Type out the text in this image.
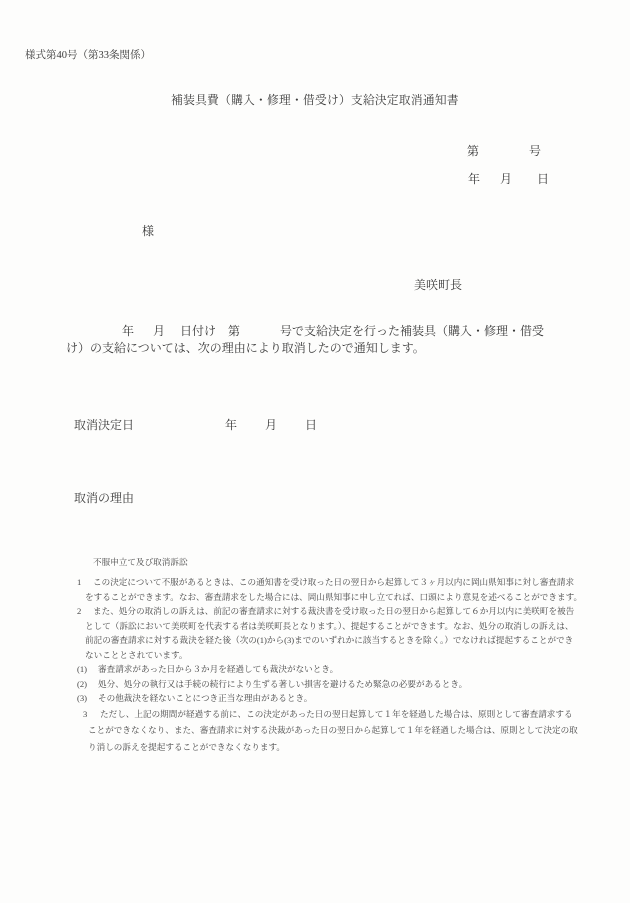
様式第40号（第33条関係）
補装具費（購入・修理・借受け）支給決定取消通知書
第	号
年 月 日
様
美咲町長
年 月 日付け 第	号で支給決定を行った補装具（購入・修理・借受
け）の支給については、次の理由により取消したので通知します。
取消決定日	年 月 日
取消の理由
不服申立て及び取消訴訟
1	この決定について不服があるときは、この通知書を受け取った日の翌日から起算して３ヶ月以内に岡山県知事に対し審査請求
をすることができます。なお、審査請求をした場合には、岡山県知事に申し立てれば、口頭により意見を述べることができます。
2	また、処分の取消しの訴えは、前記の審査請求に対する裁決書を受け取った日の翌日から起算して６か月以内に美咲町を被告
として（訴訟において美咲町を代表する者は美咲町長となります。）、提起することができます。なお、処分の取消しの訴えは、
前記の審査請求に対する裁決を経た後（次の(1)から(3)までのいずれかに該当するときを除く。）でなければ提起することができ
ないこととされています。
(1)	審査請求があった日から３か月を経過しても裁決がないとき。
(2)	処分、処分の執行又は手続の続行により生ずる著しい損害を避けるため緊急の必要があるとき。
(3)	その他裁決を経ないことにつき正当な理由があるとき。
3	ただし、上記の期間が経過する前に、この決定があった日の翌日起算して１年を経過した場合は、原則として審査請求する
ことができなくなり、また、審査請求に対する決裁があった日の翌日から起算して１年を経過した場合は、原則として決定の取
り消しの訴えを提起することができなくなります。
